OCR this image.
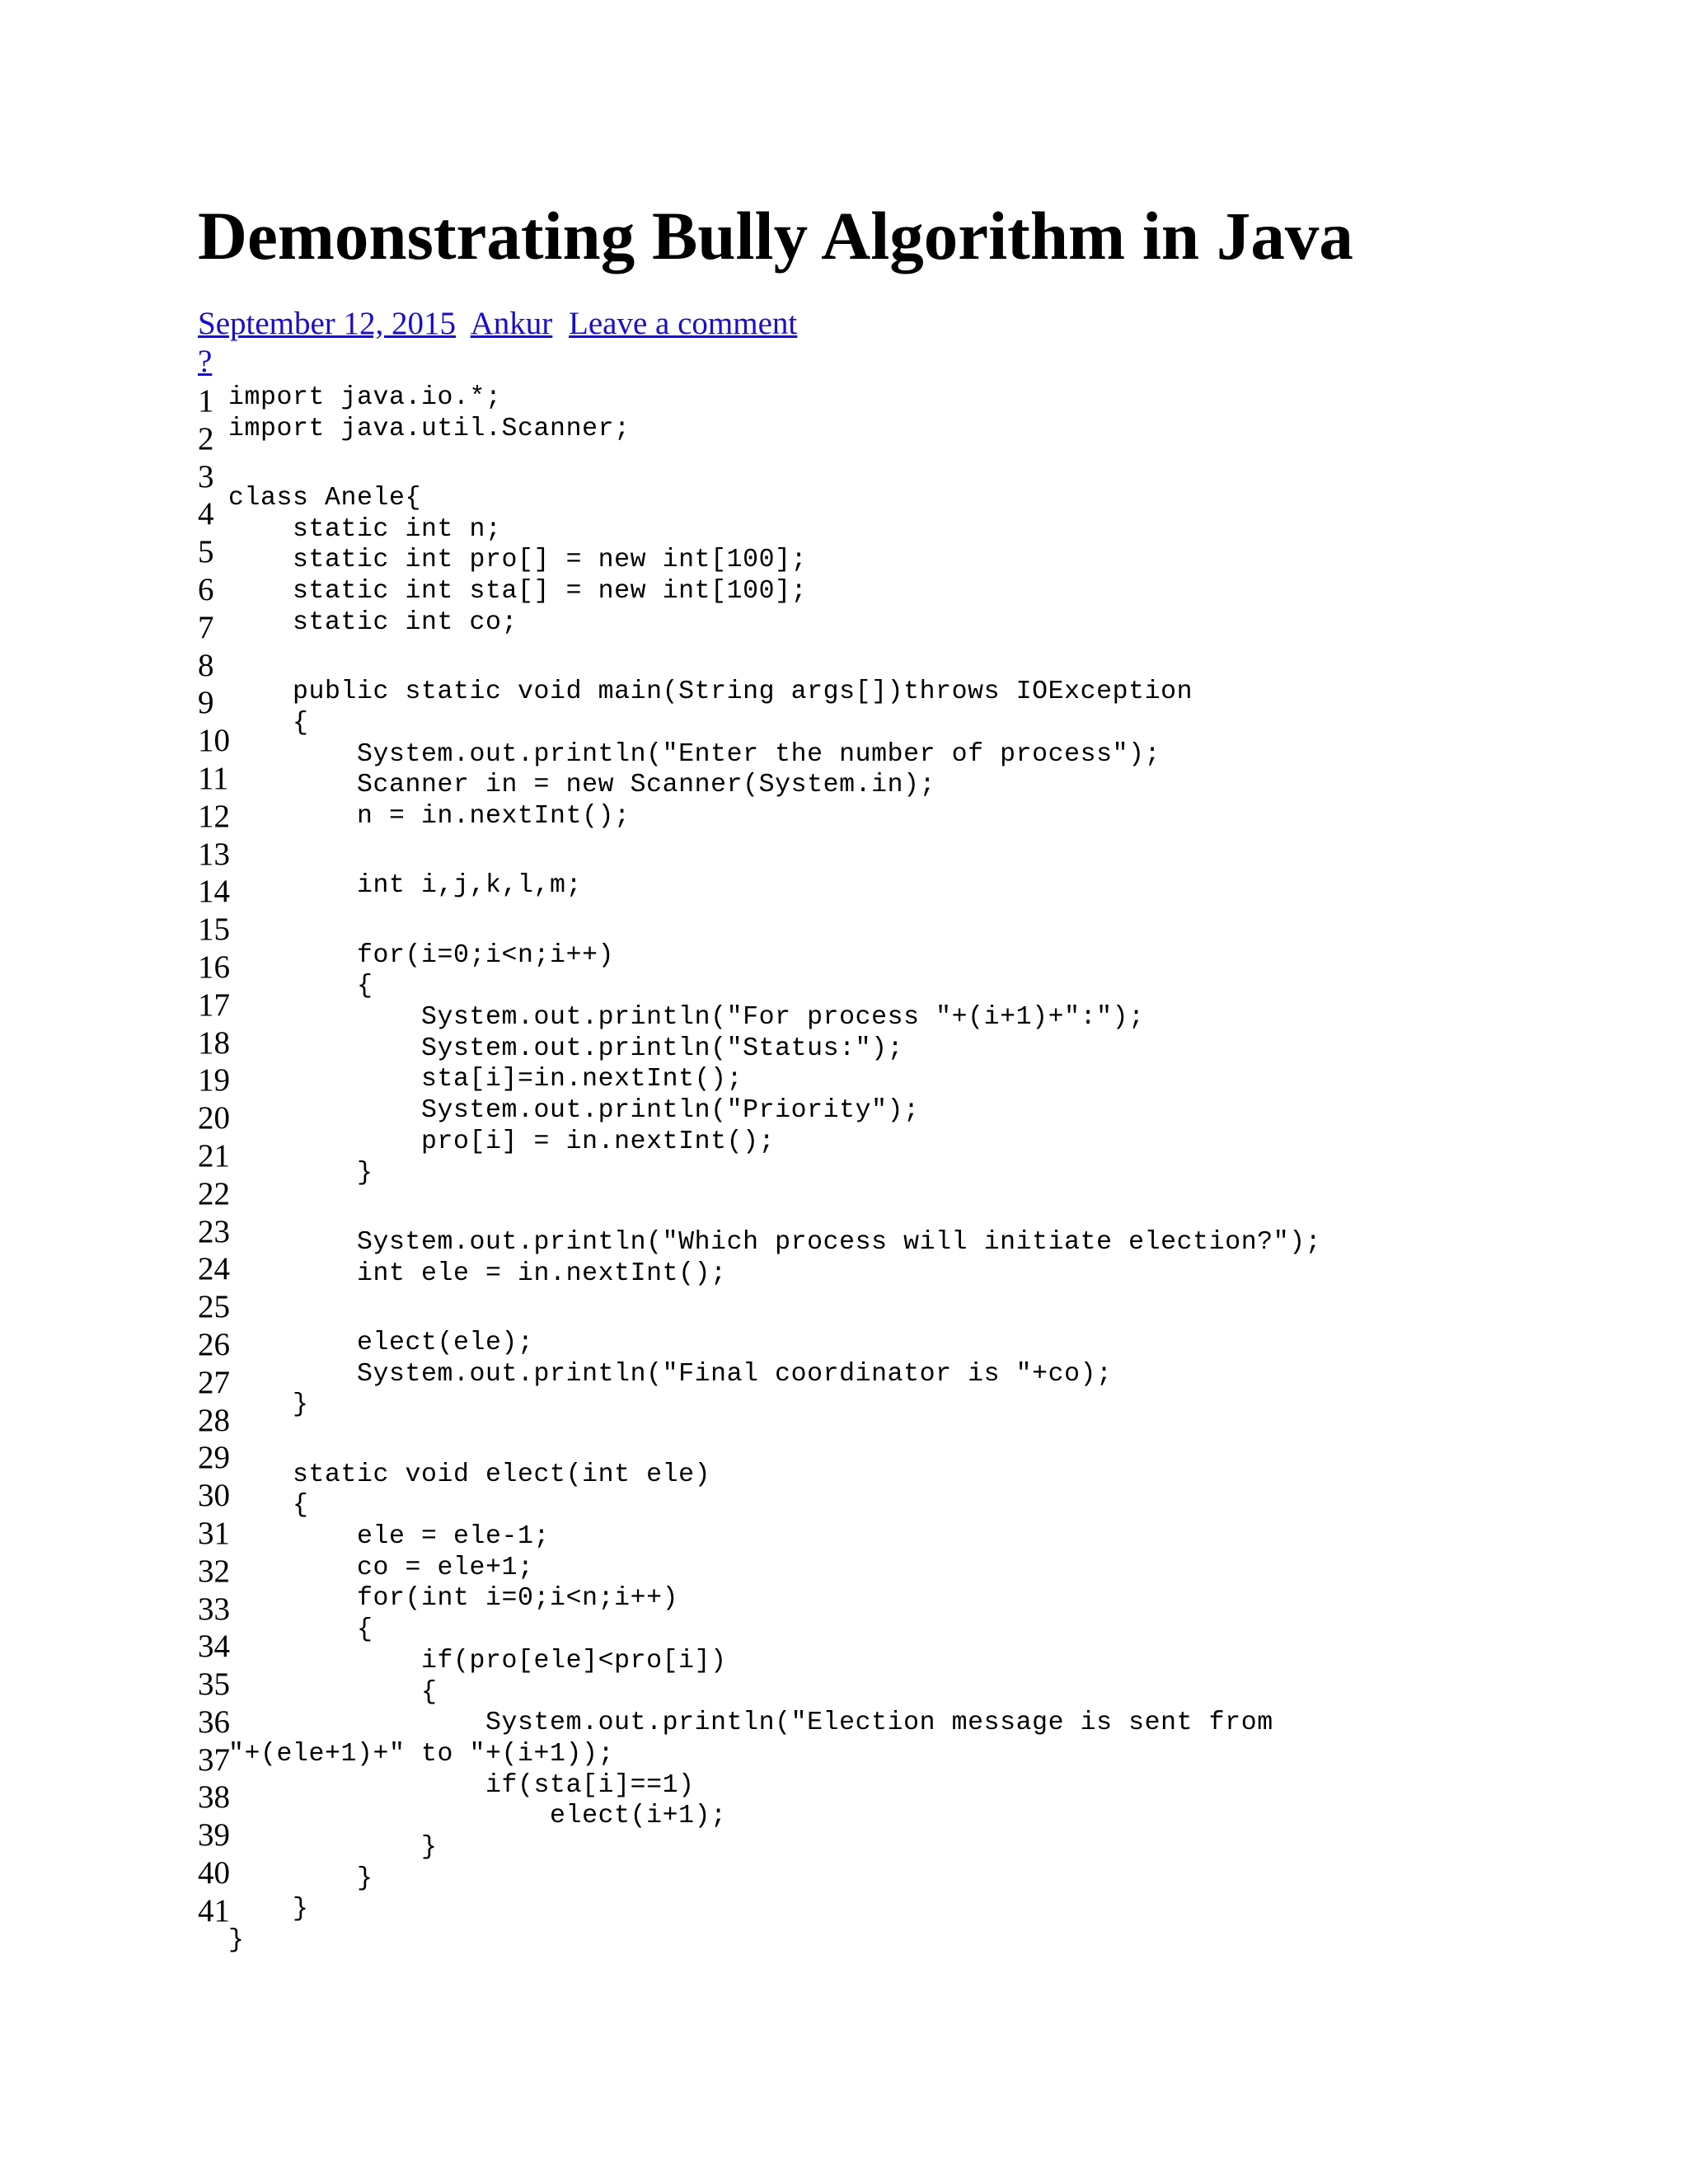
Demonstrating Bully Algorithm in Java
September 12, 2015 Ankur Leave a comment
?
1
2
3
4
5
6
7
8
9
10
11
12
13
14
15
16
17
18
19
20
21
22
23
24
25
26
27
28
29
30
31
32
33
34
35
36
37
38
39
40
41
import java.io.*;
import java.util.Scanner;
class Anele{
static int n;
static int pro[] = new int[100];
static int sta[] = new int[100];
static int co;
public static void main(String args[])throws IOException
{
System.out.println("Enter the number of process");
Scanner in = new Scanner(System.in);
n = in.nextInt();
int i,j,k,l,m;
for(i=0;i<n;i++)
{
System.out.println("For process "+(i+1)+":");
System.out.println("Status:");
sta[i]=in.nextInt();
System.out.println("Priority");
pro[i] = in.nextInt();
}
System.out.println("Which process will initiate election?");
int ele = in.nextInt();
elect(ele);
System.out.println("Final coordinator is "+co);
}
static void elect(int ele)
{
ele = ele-1;
co = ele+1;
for(int i=0;i<n;i++)
{
if(pro[ele]<pro[i])
{
System.out.println("Election message is sent from
"+(ele+1)+" to "+(i+1));
if(sta[i]==1)
elect(i+1);
}
}
}
}
